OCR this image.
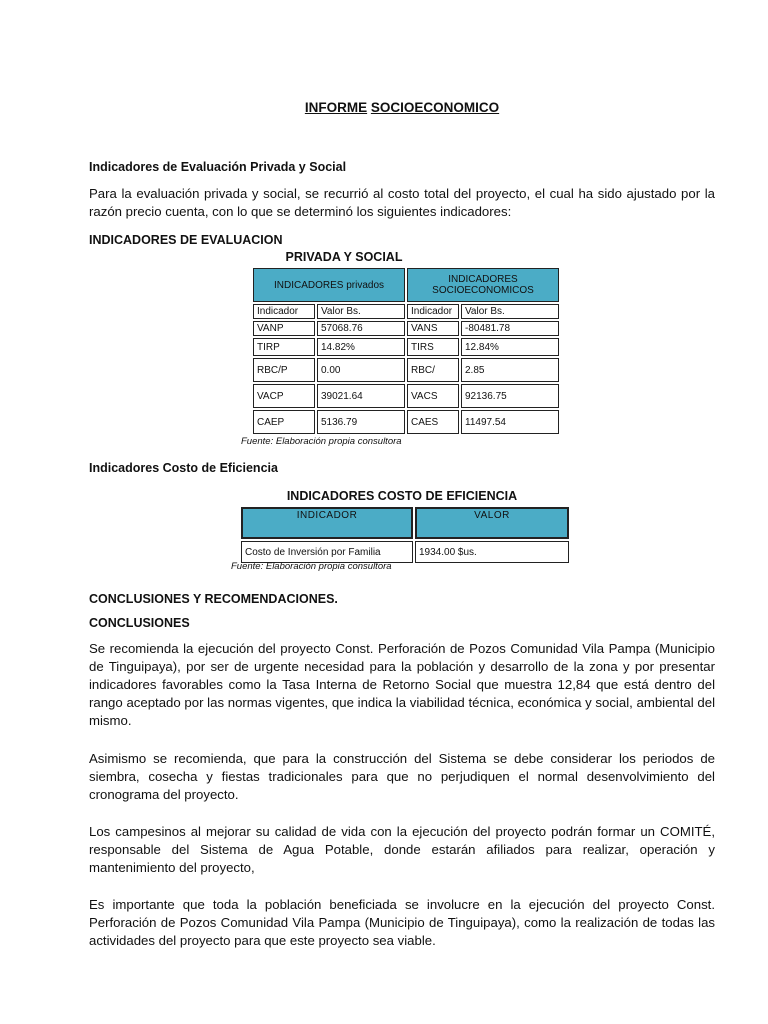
INFORME SOCIOECONOMICO
Indicadores de Evaluación Privada y Social
Para la evaluación privada y social, se recurrió al costo total del proyecto, el cual ha sido ajustado por la razón precio cuenta, con lo que se determinó los siguientes indicadores:
INDICADORES DE EVALUACION
PRIVADA Y SOCIAL
INDICADORES privados		INDICADORES SOCIOECONOMICOS	
Indicador	Valor Bs.	Indicador	Valor Bs.
VANP	57068.76	VANS	-80481.78
TIRP	14.82%	TIRS	12.84%
RBC/P	0.00	RBC/	2.85
VACP	39021.64	VACS	92136.75
CAEP	5136.79	CAES	11497.54
Fuente: Elaboración propia consultora
Indicadores Costo de Eficiencia
INDICADORES COSTO DE EFICIENCIA
INDICADOR	VALOR
Costo de Inversión por Familia	1934.00 $us.
Fuente: Elaboración propia consultora
CONCLUSIONES Y RECOMENDACIONES.
CONCLUSIONES
Se recomienda la ejecución del proyecto Const. Perforación de Pozos Comunidad Vila Pampa (Municipio de Tinguipaya), por ser de urgente necesidad para la población y desarrollo de la zona y por presentar indicadores favorables como la Tasa Interna de Retorno Social que muestra 12,84 que está dentro del rango aceptado por las normas vigentes, que indica la viabilidad técnica, económica y social, ambiental del mismo.
Asimismo se recomienda, que para la construcción del Sistema se debe considerar los periodos de siembra, cosecha y fiestas tradicionales para que no perjudiquen el normal desenvolvimiento del cronograma del proyecto.
Los campesinos al mejorar su calidad de vida con la ejecución del proyecto podrán formar un COMITÉ, responsable del Sistema de Agua Potable, donde estarán afiliados para realizar, operación y mantenimiento del proyecto,
Es importante que toda la población beneficiada se involucre en la ejecución del proyecto Const. Perforación de Pozos Comunidad Vila Pampa (Municipio de Tinguipaya), como la realización de todas las actividades del proyecto para que este proyecto sea viable.
